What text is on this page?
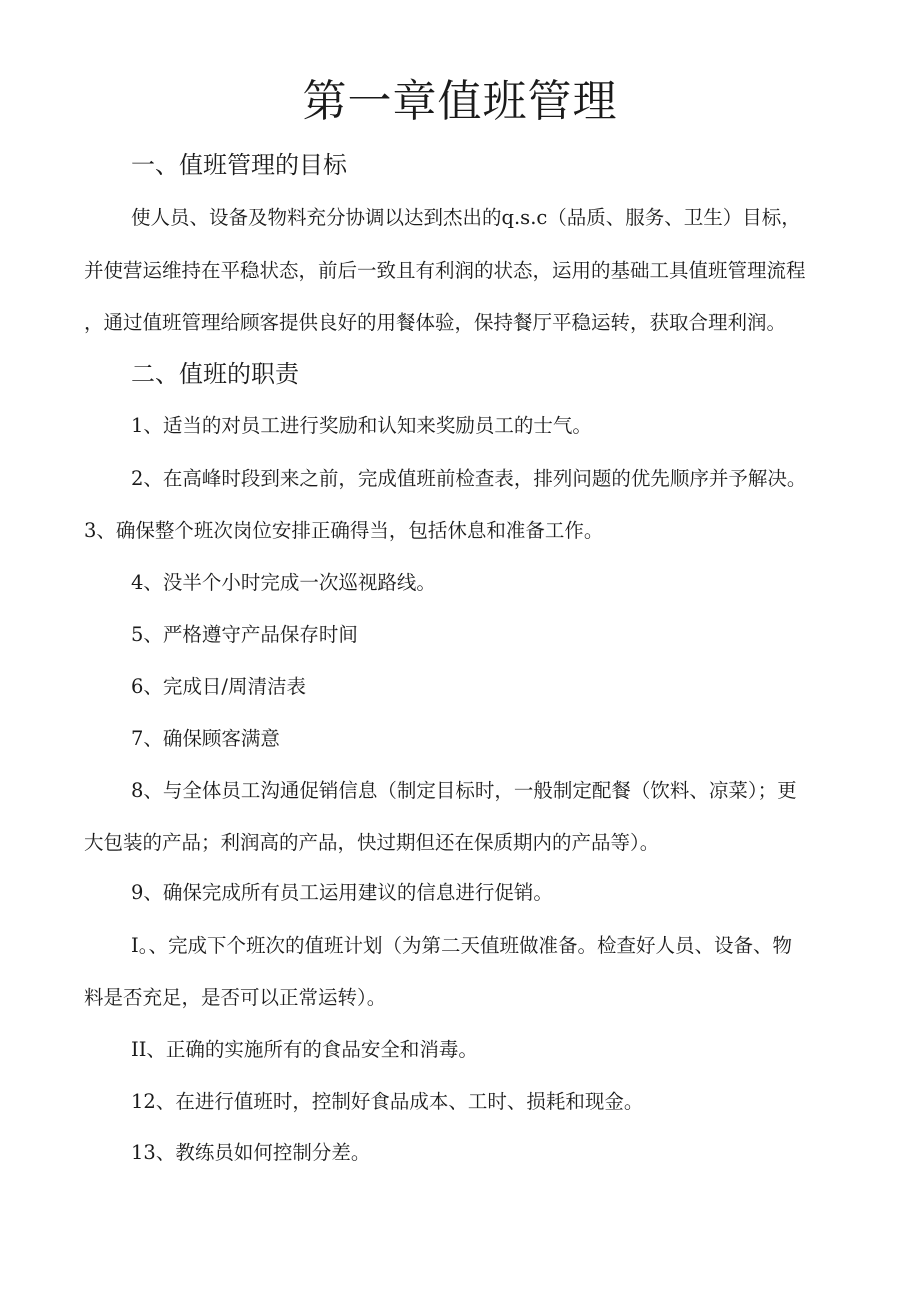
第一章值班管理

一、值班管理的目标

使人员、设备及物料充分协调以达到杰出的q.s.c（品质、服务、卫生）目标，

并使营运维持在平稳状态，前后一致且有利润的状态，运用的基础工具值班管理流程

，通过值班管理给顾客提供良好的用餐体验，保持餐厅平稳运转，获取合理利润。

二、值班的职责

1、适当的对员工进行奖励和认知来奖励员工的士气。

2、在高峰时段到来之前，完成值班前检查表，排列问题的优先顺序并予解决。

3、确保整个班次岗位安排正确得当，包括休息和准备工作。

4、没半个小时完成一次巡视路线。

5、严格遵守产品保存时间

6、完成日/周清洁表

7、确保顾客满意

8、与全体员工沟通促销信息（制定目标时，一般制定配餐（饮料、凉菜）；更

大包装的产品；利润高的产品，快过期但还在保质期内的产品等）。

9、确保完成所有员工运用建议的信息进行促销。

I。、完成下个班次的值班计划（为第二天值班做准备。检查好人员、设备、物

料是否充足，是否可以正常运转）。

II、正确的实施所有的食品安全和消毒。

12、在进行值班时，控制好食品成本、工时、损耗和现金。

13、教练员如何控制分差。
